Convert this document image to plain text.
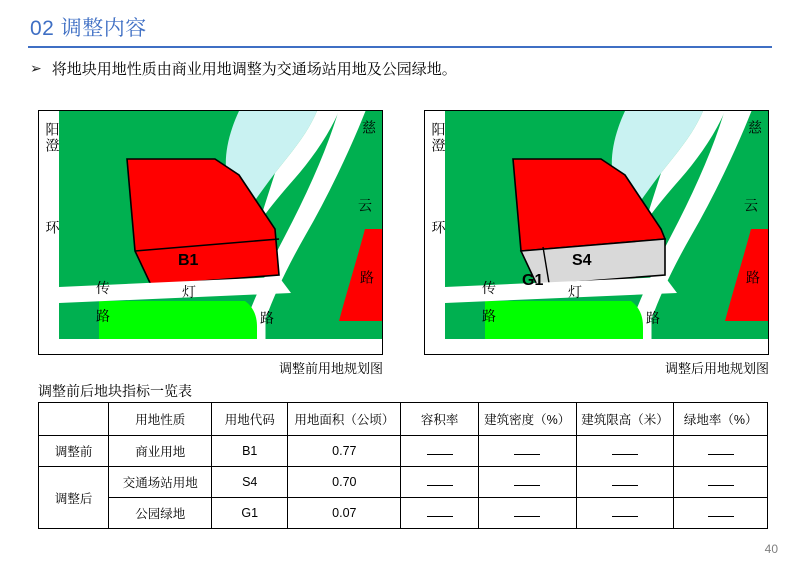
02 调整内容
➢ 将地块用地性质由商业用地调整为交通场站用地及公园绿地。
阳澄
环
慈
云
路
传
路
灯
路
B1
调整前用地规划图
阳澄
环
慈
云
路
传
路
灯
路
S4
G1
调整后用地规划图
调整前后地块指标一览表
	用地性质	用地代码	用地面积（公顷）	容积率	建筑密度（%）	建筑限高（米）	绿地率（%）
调整前	商业用地	B1	0.77				
调整后	交通场站用地	S4	0.70				
	公园绿地	G1	0.07				
40
